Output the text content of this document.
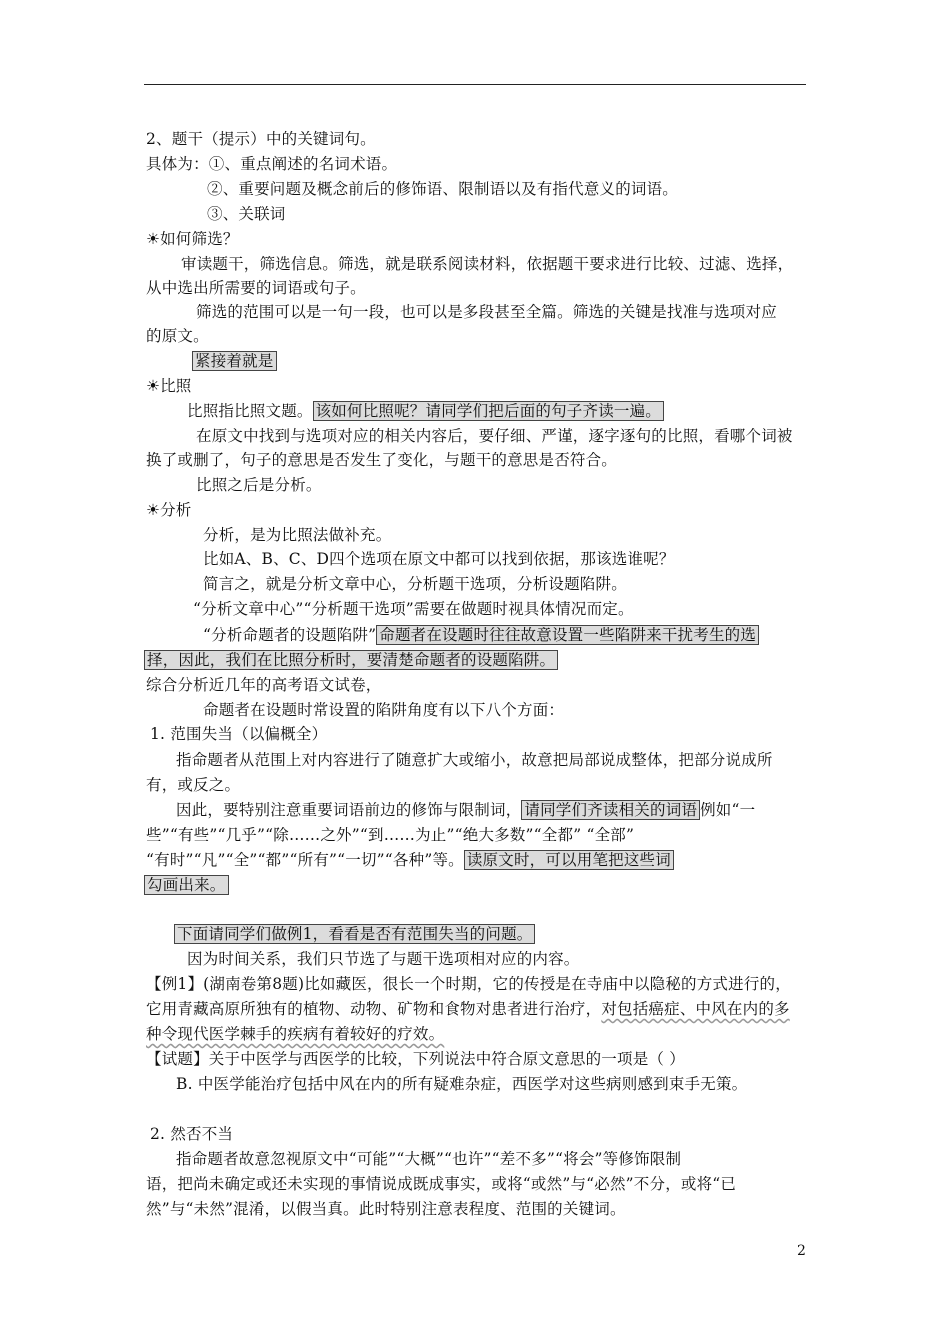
2、题干（提示）中的关键词句。
具体为：①、重点阐述的名词术语。
②、重要问题及概念前后的修饰语、限制语以及有指代意义的词语。
③、关联词
☀如何筛选？
审读题干，筛选信息。筛选，就是联系阅读材料，依据题干要求进行比较、过滤、选择，
从中选出所需要的词语或句子。
筛选的范围可以是一句一段，也可以是多段甚至全篇。筛选的关键是找准与选项对应
的原文。
紧接着就是
☀比照
比照指比照文题。 该如何比照呢？请同学们把后面的句子齐读一遍。
在原文中找到与选项对应的相关内容后，要仔细、严谨，逐字逐句的比照，看哪个词被
换了或删了，句子的意思是否发生了变化，与题干的意思是否符合。
比照之后是分析。
☀分析
分析，是为比照法做补充。
比如A、B、C、D四个选项在原文中都可以找到依据，那该选谁呢？
简言之，就是分析文章中心，分析题干选项，分析设题陷阱。
“分析文章中心”“分析题干选项”需要在做题时视具体情况而定。
“分析命题者的设题陷阱” 命题者在设题时往往故意设置一些陷阱来干扰考生的选
择，因此，我们在比照分析时，要清楚命题者的设题陷阱。
综合分析近几年的高考语文试卷，
命题者在设题时常设置的陷阱角度有以下八个方面：
1. 范围失当（以偏概全）
指命题者从范围上对内容进行了随意扩大或缩小，故意把局部说成整体，把部分说成所
有，或反之。
因此，要特别注意重要词语前边的修饰与限制词， 请同学们齐读相关的词语 例如“一
些”“有些”“几乎”“除……之外”“到……为止”“绝大多数”“全都” “全部”
“有时”“凡”“全”“都”“所有”“一切”“各种”等。 读原文时，可以用笔把这些词
勾画出来。
下面请同学们做例1，看看是否有范围失当的问题。
因为时间关系，我们只节选了与题干选项相对应的内容。
【例1】(湖南卷第8题)比如藏医，很长一个时期，它的传授是在寺庙中以隐秘的方式进行的，
它用青藏高原所独有的植物、动物、矿物和食物对患者进行治疗，对包括癌症、中风在内的多
种令现代医学棘手的疾病有着较好的疗效。
【试题】关于中医学与西医学的比较，下列说法中符合原文意思的一项是（ ）
B. 中医学能治疗包括中风在内的所有疑难杂症，西医学对这些病则感到束手无策。
2. 然否不当
指命题者故意忽视原文中“可能”“大概”“也许”“差不多”“将会”等修饰限制
语，把尚未确定或还未实现的事情说成既成事实，或将“或然”与“必然”不分，或将“已
然”与“未然”混淆，以假当真。此时特别注意表程度、范围的关键词。
2
